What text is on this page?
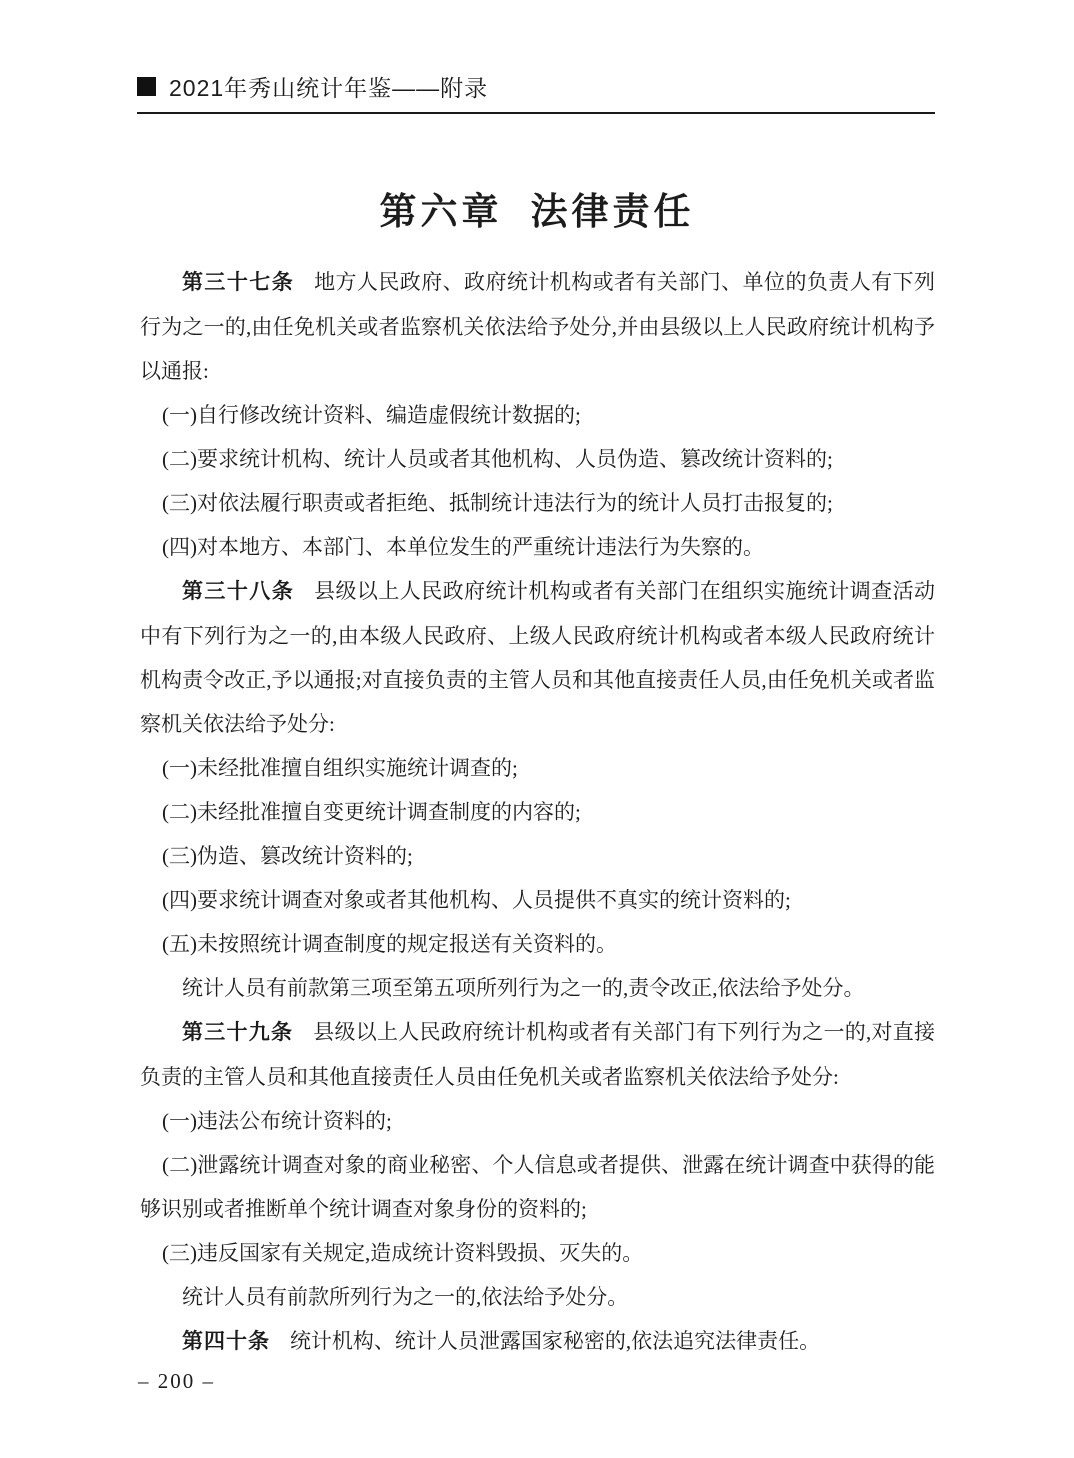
2021年秀山统计年鉴——附录
第六章 法律责任

第三十七条 地方人民政府、政府统计机构或者有关部门、单位的负责人有下列行为之一的,由任免机关或者监察机关依法给予处分,并由县级以上人民政府统计机构予以通报:

(一)自行修改统计资料、编造虚假统计数据的;

(二)要求统计机构、统计人员或者其他机构、人员伪造、篡改统计资料的;

(三)对依法履行职责或者拒绝、抵制统计违法行为的统计人员打击报复的;

(四)对本地方、本部门、本单位发生的严重统计违法行为失察的。

第三十八条 县级以上人民政府统计机构或者有关部门在组织实施统计调查活动中有下列行为之一的,由本级人民政府、上级人民政府统计机构或者本级人民政府统计机构责令改正,予以通报;对直接负责的主管人员和其他直接责任人员,由任免机关或者监察机关依法给予处分:

(一)未经批准擅自组织实施统计调查的;

(二)未经批准擅自变更统计调查制度的内容的;

(三)伪造、篡改统计资料的;

(四)要求统计调查对象或者其他机构、人员提供不真实的统计资料的;

(五)未按照统计调查制度的规定报送有关资料的。

统计人员有前款第三项至第五项所列行为之一的,责令改正,依法给予处分。

第三十九条 县级以上人民政府统计机构或者有关部门有下列行为之一的,对直接负责的主管人员和其他直接责任人员由任免机关或者监察机关依法给予处分:

(一)违法公布统计资料的;

(二)泄露统计调查对象的商业秘密、个人信息或者提供、泄露在统计调查中获得的能够识别或者推断单个统计调查对象身份的资料的;

(三)违反国家有关规定,造成统计资料毁损、灭失的。

统计人员有前款所列行为之一的,依法给予处分。

第四十条 统计机构、统计人员泄露国家秘密的,依法追究法律责任。

– 200 –
